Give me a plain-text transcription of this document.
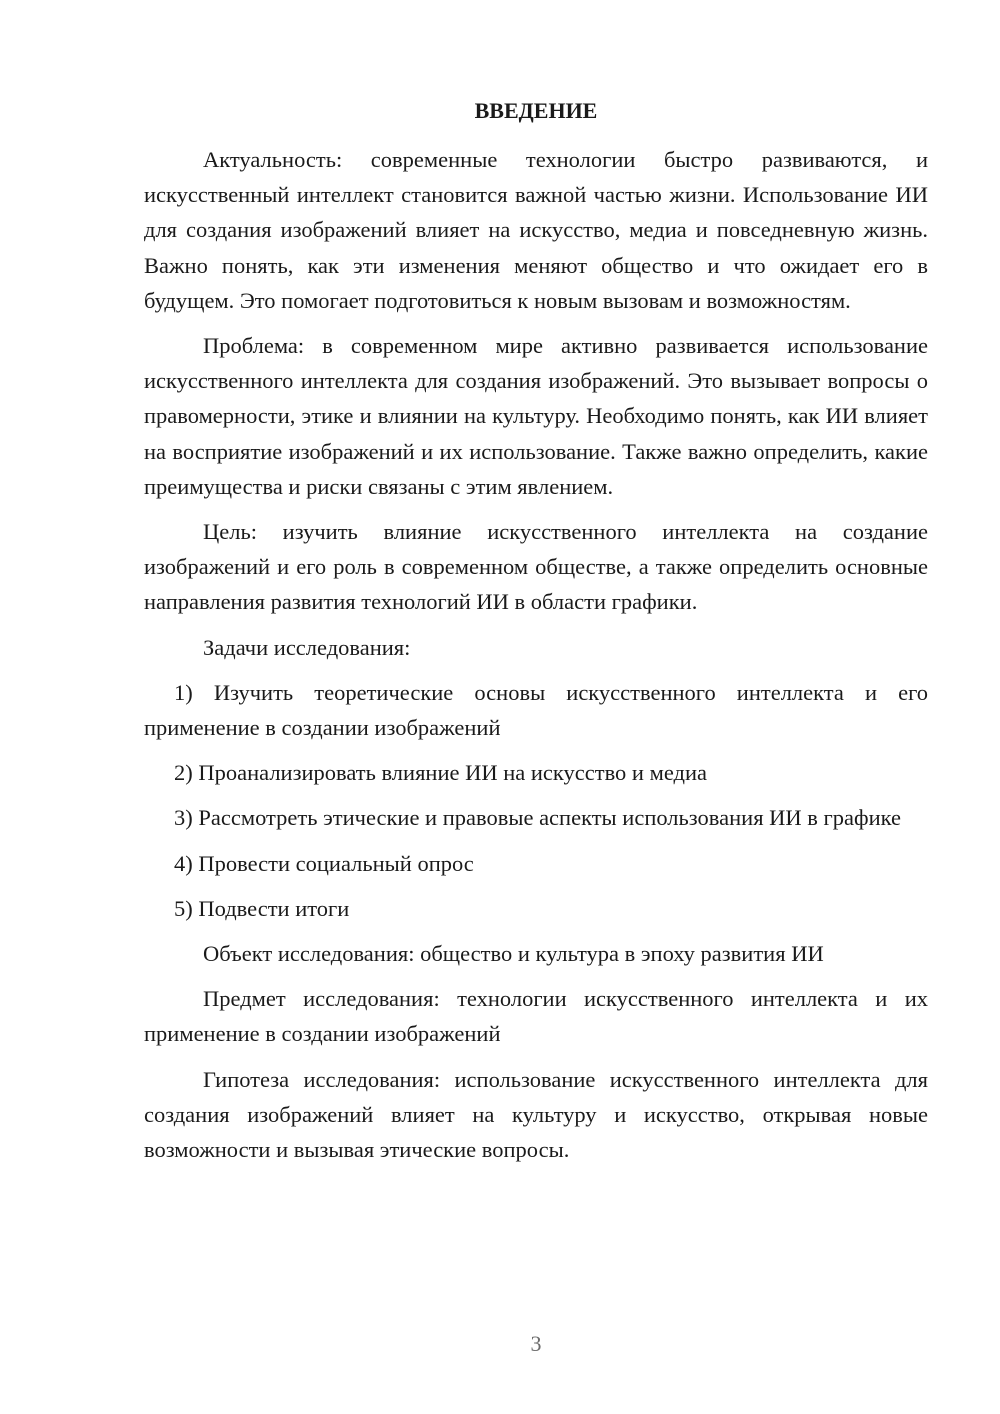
ВВЕДЕНИЕ

Актуальность: современные технологии быстро развиваются, и искусственный интеллект становится важной частью жизни. Использование ИИ для создания изображений влияет на искусство, медиа и повседневную жизнь. Важно понять, как эти изменения меняют общество и что ожидает его в будущем. Это помогает подготовиться к новым вызовам и возможностям.

Проблема: в современном мире активно развивается использование искусственного интеллекта для создания изображений. Это вызывает вопросы о правомерности, этике и влиянии на культуру. Необходимо понять, как ИИ влияет на восприятие изображений и их использование. Также важно определить, какие преимущества и риски связаны с этим явлением.

Цель: изучить влияние искусственного интеллекта на создание изображений и его роль в современном обществе, а также определить основные направления развития технологий ИИ в области графики.

Задачи исследования:

1) Изучить теоретические основы искусственного интеллекта и его применение в создании изображений

2) Проанализировать влияние ИИ на искусство и медиа

3) Рассмотреть этические и правовые аспекты использования ИИ в графике

4) Провести социальный опрос

5) Подвести итоги

Объект исследования: общество и культура в эпоху развития ИИ

Предмет исследования: технологии искусственного интеллекта и их применение в создании изображений

Гипотеза исследования: использование искусственного интеллекта для создания изображений влияет на культуру и искусство, открывая новые возможности и вызывая этические вопросы.

3
